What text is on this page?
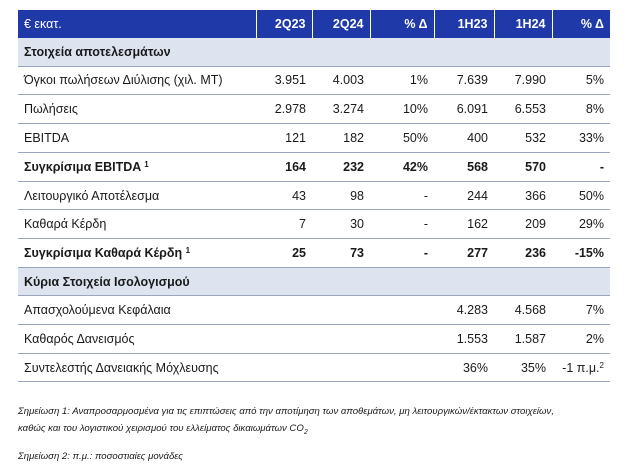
€ εκατ.	2Q23	2Q24	% Δ	1H23	1H24	% Δ
Στοιχεία αποτελεσμάτων						
Όγκοι πωλήσεων Διύλισης (χιλ. ΜΤ)	3.951	4.003	1%	7.639	7.990	5%
Πωλήσεις	2.978	3.274	10%	6.091	6.553	8%
EBITDA	121	182	50%	400	532	33%
Συγκρίσιμα EBITDA $^1$	164	232	42%	568	570	-
Λειτουργικό Αποτέλεσμα	43	98	-	244	366	50%
Καθαρά Κέρδη	7	30	-	162	209	29%
Συγκρίσιμα Καθαρά Κέρδη $^1$	25	73	-	277	236	-15%
Κύρια Στοιχεία Ισολογισμού						
Απασχολούμενα Κεφάλαια				4.283	4.568	7%
Καθαρός Δανεισμός				1.553	1.587	2%
Συντελεστής Δανειακής Μόχλευσης				36%	35%	-1 π.μ.$^2$

Σημείωση 1: Αναπροσαρμοσμένα για τις επιπτώσεις από την αποτίμηση των αποθεμάτων, μη λειτουργικών/έκτακτων στοιχείων,
καθώς και του λογιστικού χειρισμού του ελλείματος δικαιωμάτων $CO_2$

Σημείωση 2: π.μ.: ποσοστιαίες μονάδες
